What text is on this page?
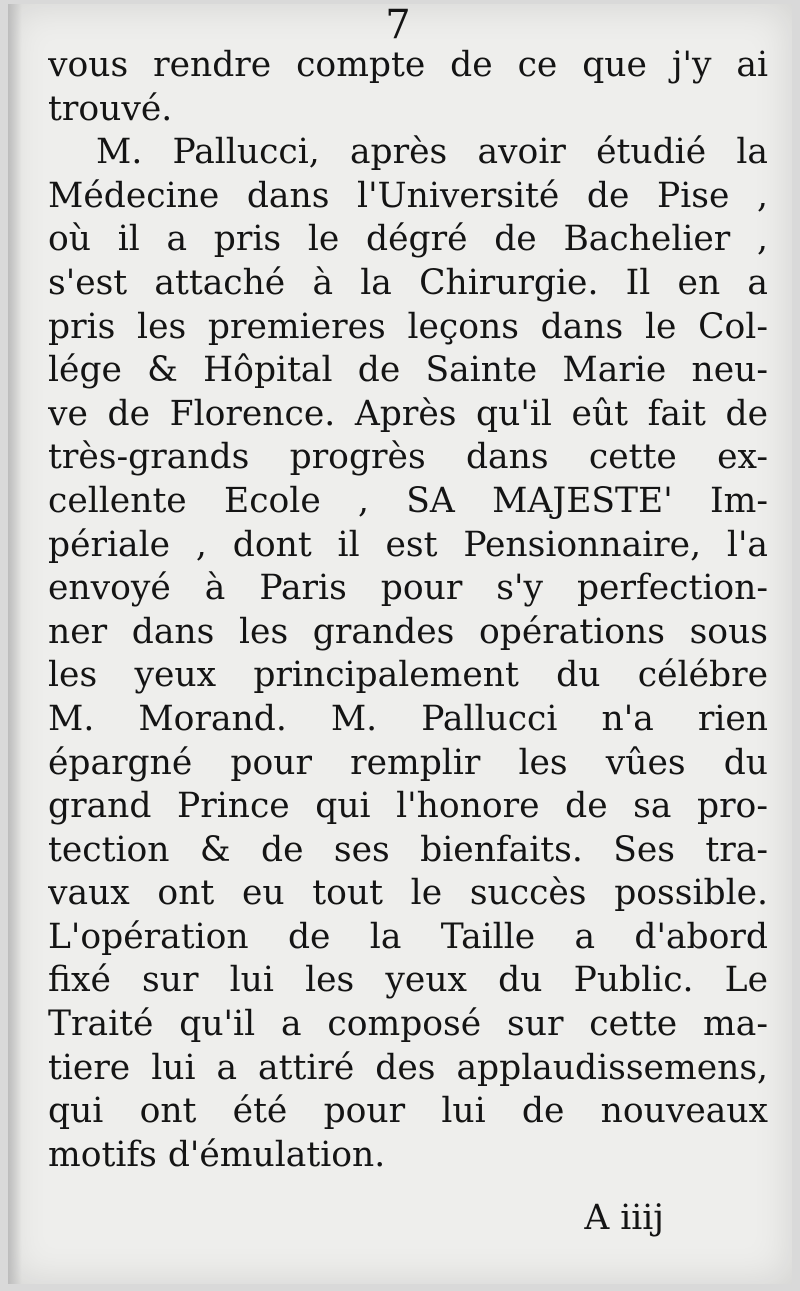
7
vous rendre compte de ce que j'y ai
trouvé.
M. Pallucci, après avoir étudié la
Médecine dans l'Université de Pise ,
où il a pris le dégré de Bachelier ,
s'est attaché à la Chirurgie. Il en a
pris les premieres leçons dans le Col-
lége & Hôpital de Sainte Marie neu-
ve de Florence. Après qu'il eût fait de
très-grands progrès dans cette ex-
cellente Ecole , SA MAJESTE' Im-
périale , dont il est Pensionnaire, l'a
envoyé à Paris pour s'y perfection-
ner dans les grandes opérations sous
les yeux principalement du célébre
M. Morand. M. Pallucci n'a rien
épargné pour remplir les vûes du
grand Prince qui l'honore de sa pro-
tection & de ses bienfaits. Ses tra-
vaux ont eu tout le succès possible.
L'opération de la Taille a d'abord
fixé sur lui les yeux du Public. Le
Traité qu'il a composé sur cette ma-
tiere lui a attiré des applaudissemens,
qui ont été pour lui de nouveaux
motifs d'émulation.
A iiij
